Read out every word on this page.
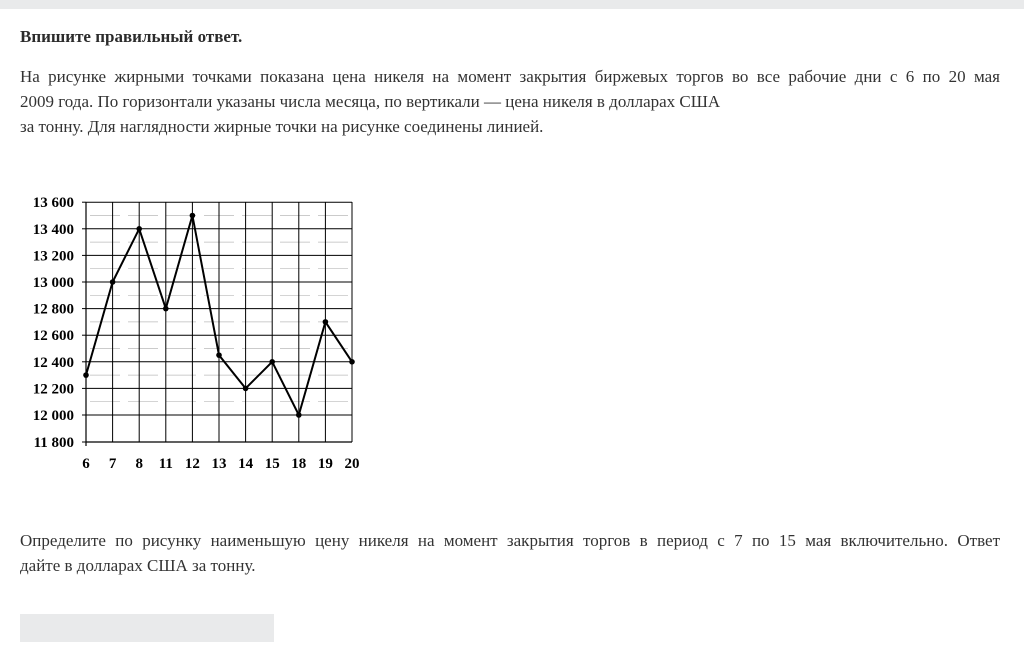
Впишите правильный ответ.
На рисунке жирными точками показана цена никеля на момент закрытия биржевых торгов во все рабочие дни с 6 по 20 мая
2009 года. По горизонтали указаны числа месяца, по вертикали — цена никеля в долларах США
за тонну. Для наглядности жирные точки на рисунке соединены линией.
11 800
12 000
12 200
12 400
12 600
12 800
13 000
13 200
13 400
13 600
6 7 8 11 12 13 14 15 18 19 20
Определите по рисунку наименьшую цену никеля на момент закрытия торгов в период с 7 по 15 мая включительно. Ответ
дайте в долларах США за тонну.
